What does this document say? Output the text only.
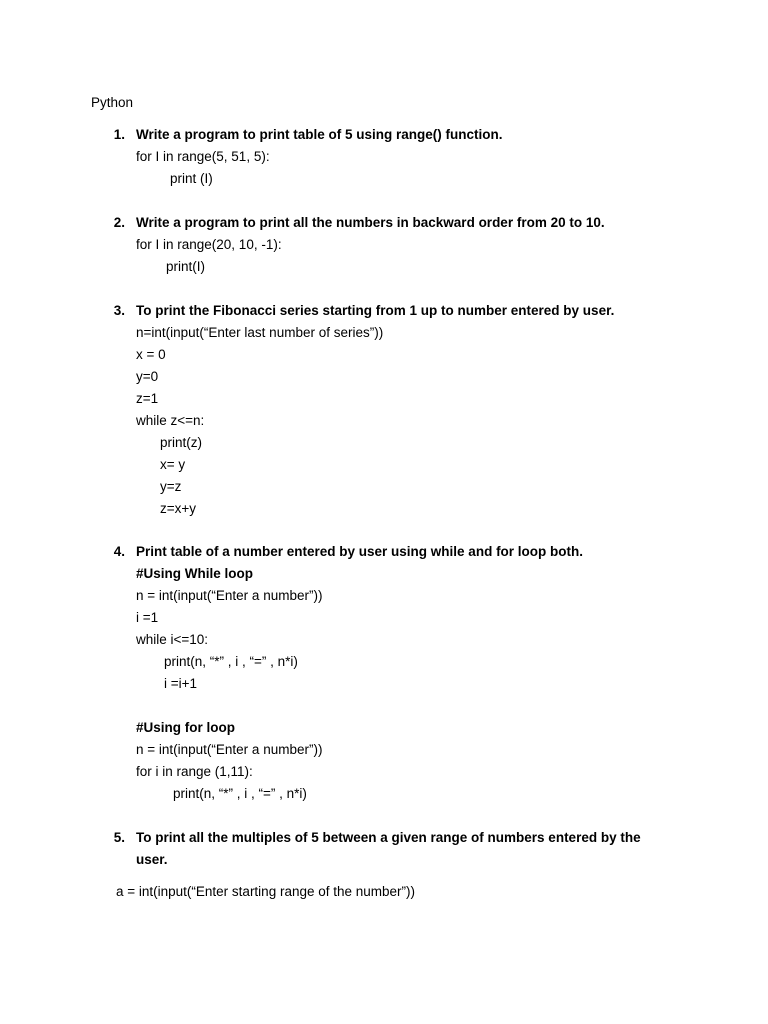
Python
1. Write a program to print table of 5 using range() function.
for I in range(5, 51, 5):
print (I)
2. Write a program to print all the numbers in backward order from 20 to 10.
for I in range(20, 10, -1):
print(I)
3. To print the Fibonacci series starting from 1 up to number entered by user.
n=int(input(“Enter last number of series”))
x = 0
y=0
z=1
while z<=n:
print(z)
x= y
y=z
z=x+y
4. Print table of a number entered by user using while and for loop both.
#Using While loop
n = int(input(“Enter a number”))
i =1
while i<=10:
print(n, “*” , i , “=” , n*i)
i =i+1
#Using for loop
n = int(input(“Enter a number”))
for i in range (1,11):
print(n, “*” , i , “=” , n*i)
5. To print all the multiples of 5 between a given range of numbers entered by the
user.
a = int(input(“Enter starting range of the number”))
